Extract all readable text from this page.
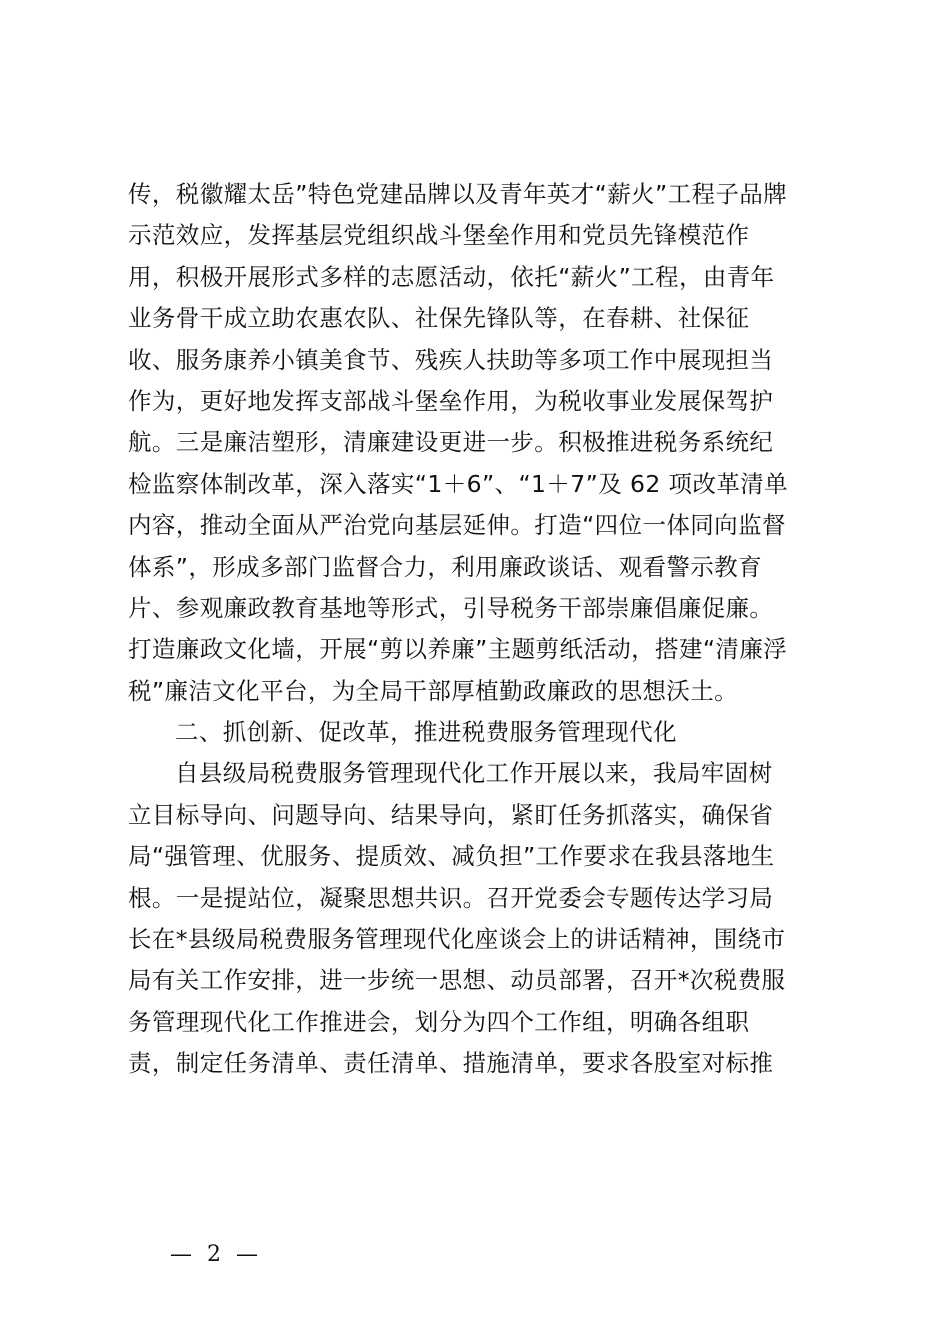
传，税徽耀太岳”特色党建品牌以及青年英才“薪火”工程子品牌
示范效应，发挥基层党组织战斗堡垒作用和党员先锋模范作
用，积极开展形式多样的志愿活动，依托“薪火”工程，由青年
业务骨干成立助农惠农队、社保先锋队等，在春耕、社保征
收、服务康养小镇美食节、残疾人扶助等多项工作中展现担当
作为，更好地发挥支部战斗堡垒作用，为税收事业发展保驾护
航。三是廉洁塑形，清廉建设更进一步。积极推进税务系统纪
检监察体制改革，深入落实“1＋6”、“1＋7”及 62 项改革清单
内容，推动全面从严治党向基层延伸。打造“四位一体同向监督
体系”，形成多部门监督合力，利用廉政谈话、观看警示教育
片、参观廉政教育基地等形式，引导税务干部崇廉倡廉促廉。
打造廉政文化墙，开展“剪以养廉”主题剪纸活动，搭建“清廉浮
税”廉洁文化平台，为全局干部厚植勤政廉政的思想沃土。
二、抓创新、促改革，推进税费服务管理现代化
自县级局税费服务管理现代化工作开展以来，我局牢固树
立目标导向、问题导向、结果导向，紧盯任务抓落实，确保省
局“强管理、优服务、提质效、减负担”工作要求在我县落地生
根。一是提站位，凝聚思想共识。召开党委会专题传达学习局
长在*县级局税费服务管理现代化座谈会上的讲话精神，围绕市
局有关工作安排，进一步统一思想、动员部署，召开*次税费服
务管理现代化工作推进会，划分为四个工作组，明确各组职
责，制定任务清单、责任清单、措施清单，要求各股室对标推
— 2 —
